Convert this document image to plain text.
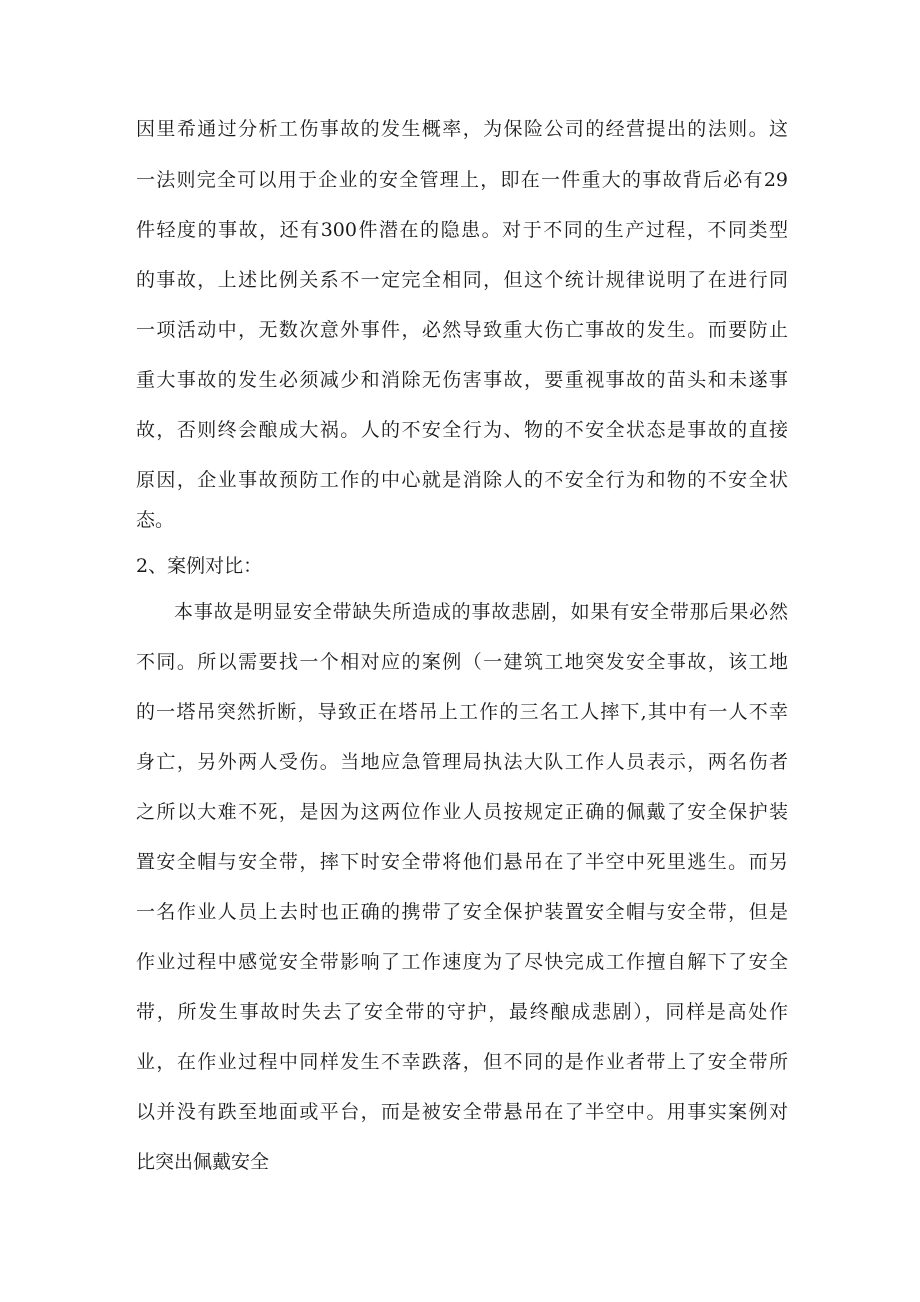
因里希通过分析工伤事故的发生概率，为保险公司的经营提出的法则。这
一法则完全可以用于企业的安全管理上，即在一件重大的事故背后必有29
件轻度的事故，还有300件潜在的隐患。对于不同的生产过程，不同类型
的事故，上述比例关系不一定完全相同，但这个统计规律说明了在进行同
一项活动中，无数次意外事件，必然导致重大伤亡事故的发生。而要防止
重大事故的发生必须减少和消除无伤害事故，要重视事故的苗头和未遂事
故，否则终会酿成大祸。人的不安全行为、物的不安全状态是事故的直接
原因，企业事故预防工作的中心就是消除人的不安全行为和物的不安全状
态。
2、案例对比：
本事故是明显安全带缺失所造成的事故悲剧，如果有安全带那后果必然
不同。所以需要找一个相对应的案例（一建筑工地突发安全事故，该工地
的一塔吊突然折断，导致正在塔吊上工作的三名工人摔下,其中有一人不幸
身亡，另外两人受伤。当地应急管理局执法大队工作人员表示，两名伤者
之所以大难不死，是因为这两位作业人员按规定正确的佩戴了安全保护装
置安全帽与安全带，摔下时安全带将他们悬吊在了半空中死里逃生。而另
一名作业人员上去时也正确的携带了安全保护装置安全帽与安全带，但是
作业过程中感觉安全带影响了工作速度为了尽快完成工作擅自解下了安全
带，所发生事故时失去了安全带的守护，最终酿成悲剧），同样是高处作
业，在作业过程中同样发生不幸跌落，但不同的是作业者带上了安全带所
以并没有跌至地面或平台，而是被安全带悬吊在了半空中。用事实案例对
比突出佩戴安全
